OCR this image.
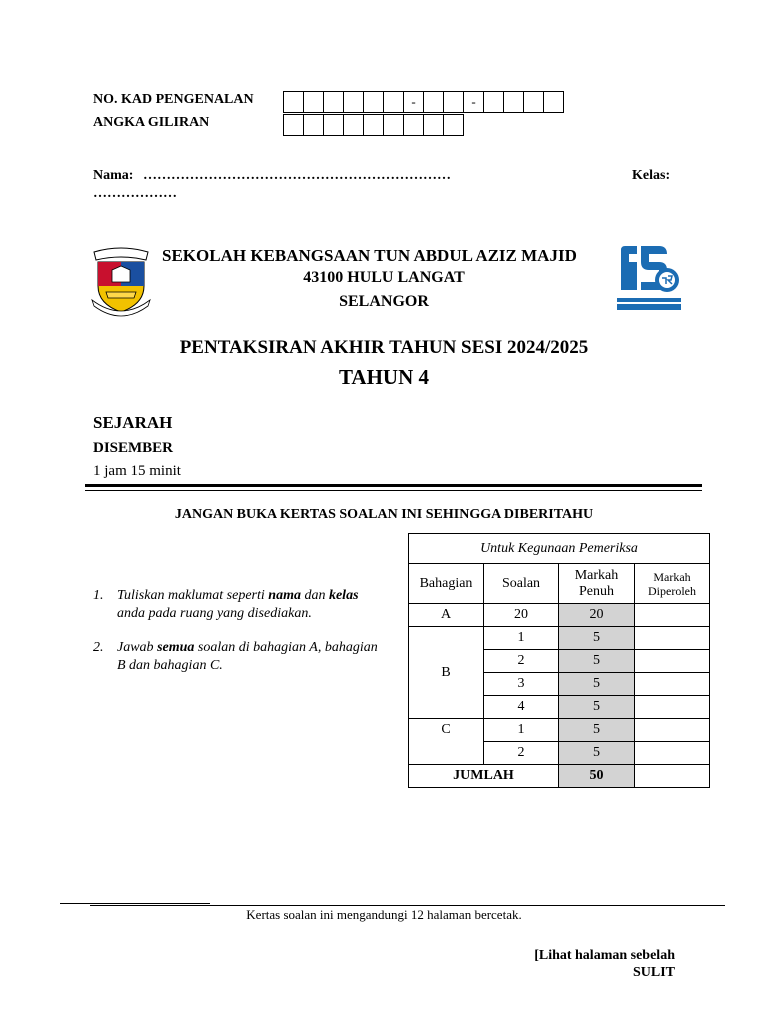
NO. KAD PENGENALAN
ANGKA GILIRAN
-	-
Nama: …………………………………………………………	Kelas:
………………
SEKOLAH KEBANGSAAN TUN ABDUL AZIZ MAJID
43100 HULU LANGAT
SELANGOR
PENTAKSIRAN AKHIR TAHUN SESI 2024/2025
TAHUN 4
SEJARAH
DISEMBER
1 jam 15 minit
JANGAN BUKA KERTAS SOALAN INI SEHINGGA DIBERITAHU
1. Tuliskan maklumat seperti nama dan kelas anda pada ruang yang disediakan.
2. Jawab semua soalan di bahagian A, bahagian B dan bahagian C.
Untuk Kegunaan Pemeriksa			
Bahagian	Soalan	Markah Penuh	Markah Diperoleh
A	20	20	
B	1	5	
	2	5	
	3	5	
	4	5	
C	1	5	
	2	5	
JUMLAH		50	
Kertas soalan ini mengandungi 12 halaman bercetak.
[Lihat halaman sebelah
SULIT
